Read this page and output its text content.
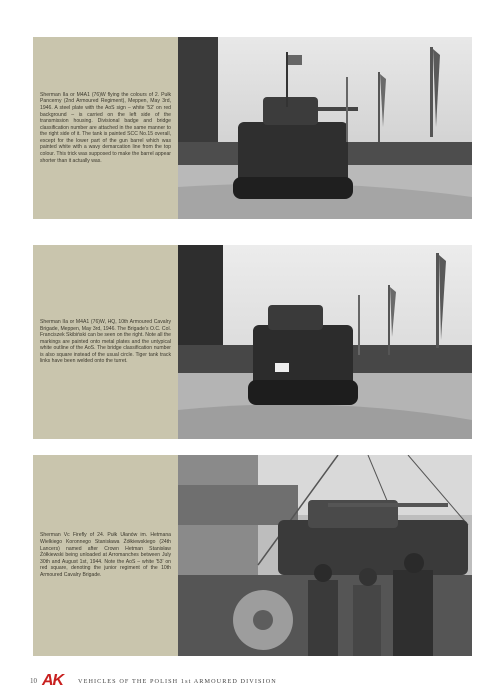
Sherman IIa or M4A1 (76)W flying the colours of 2. Pułk Pancerny (2nd Armoured Regiment), Meppen, May 3rd, 1946. A steel plate with the AoS sign – white '52' on red background – is carried on the left side of the transmission housing. Divisional badge and bridge classification number are attached in the same manner to the right side of it. The tank is painted SCC No.15 overall, except for the lower part of the gun barrel which was painted white with a wavy demarcation line from the top colour. This trick was supposed to make the barrel appear shorter than it actually was.

Sherman IIa or M4A1 (76)W, HQ, 10th Armoured Cavalry Brigade, Meppen, May 3rd, 1946. The Brigade's O.C. Col. Franciszek Skibiński can be seen on the right. Note all the markings are painted onto metal plates and the untypical white outline of the AoS. The bridge classification number is also square instead of the usual circle. Tiger tank track links have been welded onto the turret.

Sherman Vc Firefly of 24. Pułk Ułanów im. Hetmana Wielkiego Koronnego Stanisława Żółkiewskiego (24th Lancers) named after Crown Hetman Stanisław Żółkiewski being unloaded at Arromanches between July 30th and August 1st, 1944. Note the AoS – white '53' on red square, denoting the junior regiment of the 10th Armoured Cavalry Brigade.

10 AK VEHICLES OF THE POLISH 1st ARMOURED DIVISION
